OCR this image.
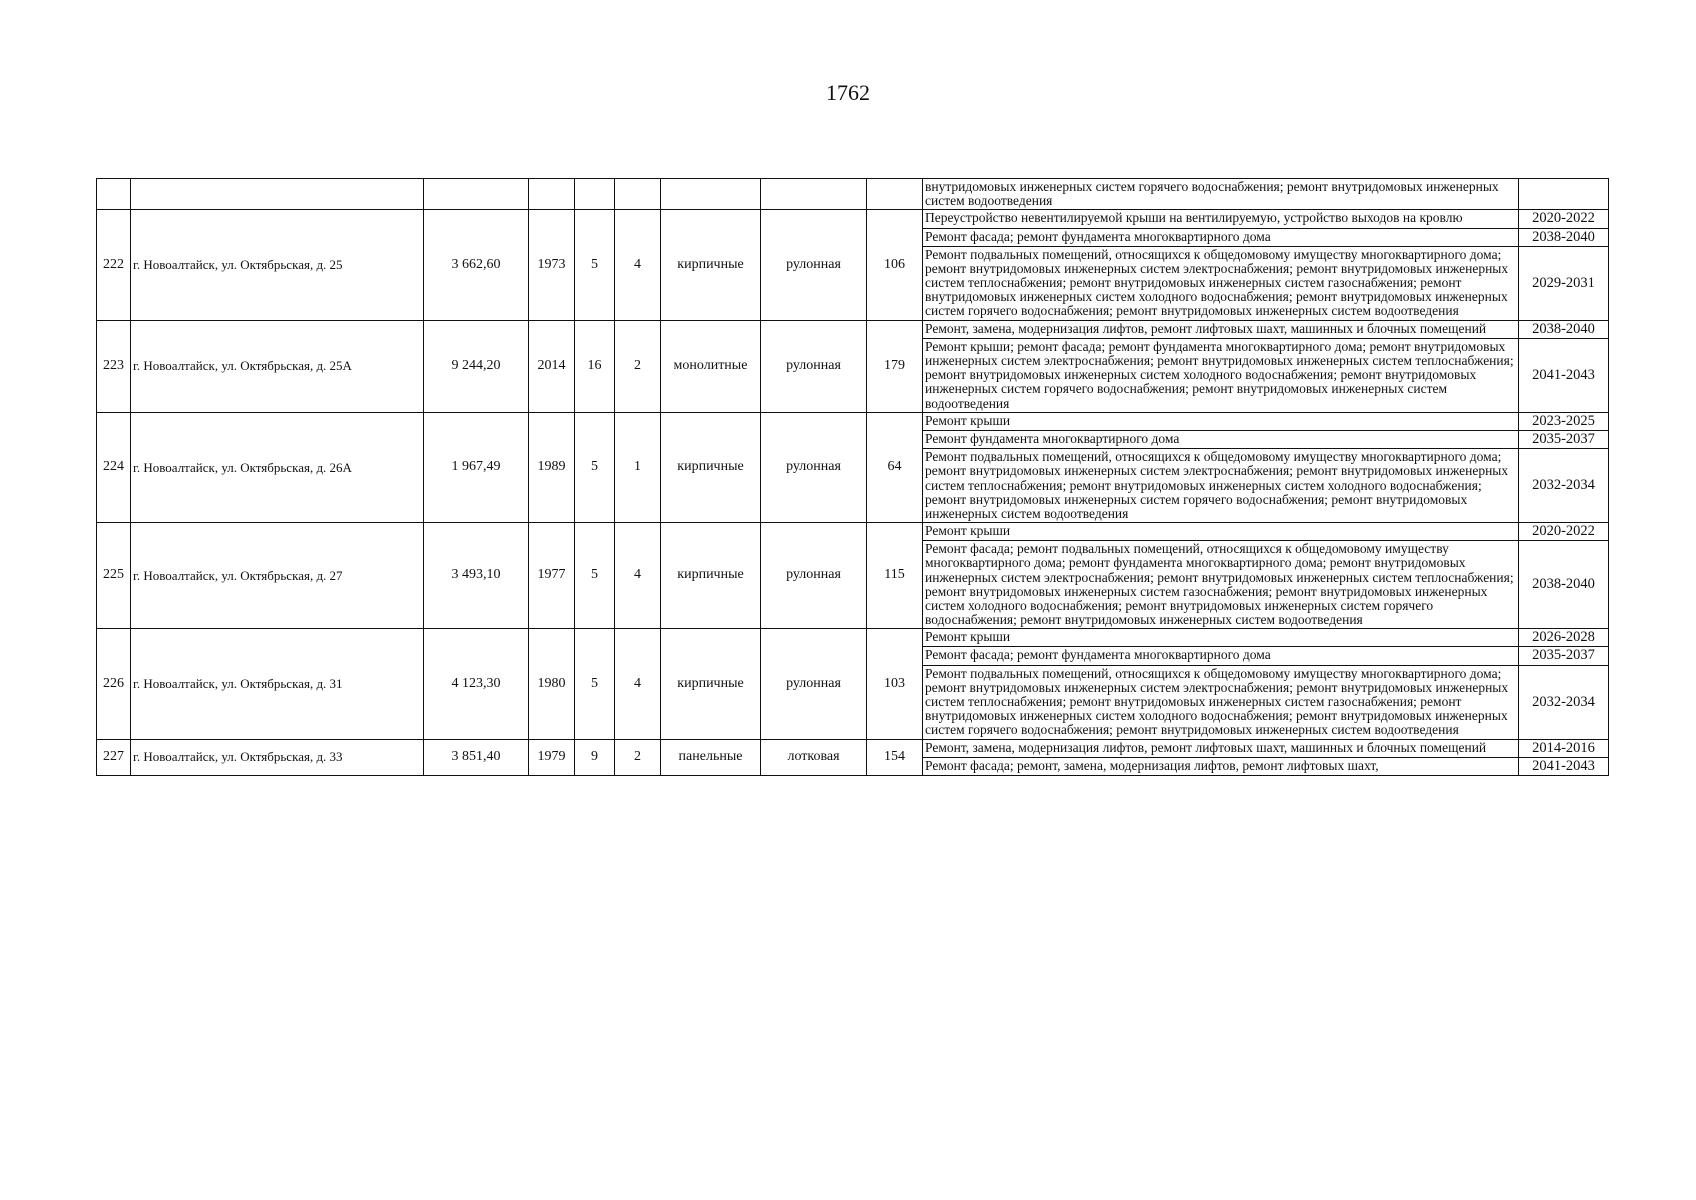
1762
									внутридомовых инженерных систем горячего водоснабжения; ремонт внутридомовых инженерных систем водоотведения	
222	г. Новоалтайск, ул. Октябрьская, д. 25	3 662,60	1973	5	4	кирпичные	рулонная	106	Переустройство невентилируемой крыши на вентилируемую, устройство выходов на кровлю	2020-2022
									Ремонт фасада; ремонт фундамента многоквартирного дома	2038-2040
									Ремонт подвальных помещений, относящихся к общедомовому имуществу многоквартирного дома; ремонт внутридомовых инженерных систем электроснабжения; ремонт внутридомовых инженерных систем теплоснабжения; ремонт внутридомовых инженерных систем газоснабжения; ремонт внутридомовых инженерных систем холодного водоснабжения; ремонт внутридомовых инженерных систем горячего водоснабжения; ремонт внутридомовых инженерных систем водоотведения	2029-2031
223	г. Новоалтайск, ул. Октябрьская, д. 25А	9 244,20	2014	16	2	монолитные	рулонная	179	Ремонт, замена, модернизация лифтов, ремонт лифтовых шахт, машинных и блочных помещений	2038-2040
									Ремонт крыши; ремонт фасада; ремонт фундамента многоквартирного дома; ремонт внутридомовых инженерных систем электроснабжения; ремонт внутридомовых инженерных систем теплоснабжения; ремонт внутридомовых инженерных систем холодного водоснабжения; ремонт внутридомовых инженерных систем горячего водоснабжения; ремонт внутридомовых инженерных систем водоотведения	2041-2043
224	г. Новоалтайск, ул. Октябрьская, д. 26А	1 967,49	1989	5	1	кирпичные	рулонная	64	Ремонт крыши	2023-2025
									Ремонт фундамента многоквартирного дома	2035-2037
									Ремонт подвальных помещений, относящихся к общедомовому имуществу многоквартирного дома; ремонт внутридомовых инженерных систем электроснабжения; ремонт внутридомовых инженерных систем теплоснабжения; ремонт внутридомовых инженерных систем холодного водоснабжения; ремонт внутридомовых инженерных систем горячего водоснабжения; ремонт внутридомовых инженерных систем водоотведения	2032-2034
225	г. Новоалтайск, ул. Октябрьская, д. 27	3 493,10	1977	5	4	кирпичные	рулонная	115	Ремонт крыши	2020-2022
									Ремонт фасада; ремонт подвальных помещений, относящихся к общедомовому имуществу многоквартирного дома; ремонт фундамента многоквартирного дома; ремонт внутридомовых инженерных систем электроснабжения; ремонт внутридомовых инженерных систем теплоснабжения; ремонт внутридомовых инженерных систем газоснабжения; ремонт внутридомовых инженерных систем холодного водоснабжения; ремонт внутридомовых инженерных систем горячего водоснабжения; ремонт внутридомовых инженерных систем водоотведения	2038-2040
226	г. Новоалтайск, ул. Октябрьская, д. 31	4 123,30	1980	5	4	кирпичные	рулонная	103	Ремонт крыши	2026-2028
									Ремонт фасада; ремонт фундамента многоквартирного дома	2035-2037
									Ремонт подвальных помещений, относящихся к общедомовому имуществу многоквартирного дома; ремонт внутридомовых инженерных систем электроснабжения; ремонт внутридомовых инженерных систем теплоснабжения; ремонт внутридомовых инженерных систем газоснабжения; ремонт внутридомовых инженерных систем холодного водоснабжения; ремонт внутридомовых инженерных систем горячего водоснабжения; ремонт внутридомовых инженерных систем водоотведения	2032-2034
227	г. Новоалтайск, ул. Октябрьская, д. 33	3 851,40	1979	9	2	панельные	лотковая	154	Ремонт, замена, модернизация лифтов, ремонт лифтовых шахт, машинных и блочных помещений	2014-2016
									Ремонт фасада; ремонт, замена, модернизация лифтов, ремонт лифтовых шахт,	2041-2043
